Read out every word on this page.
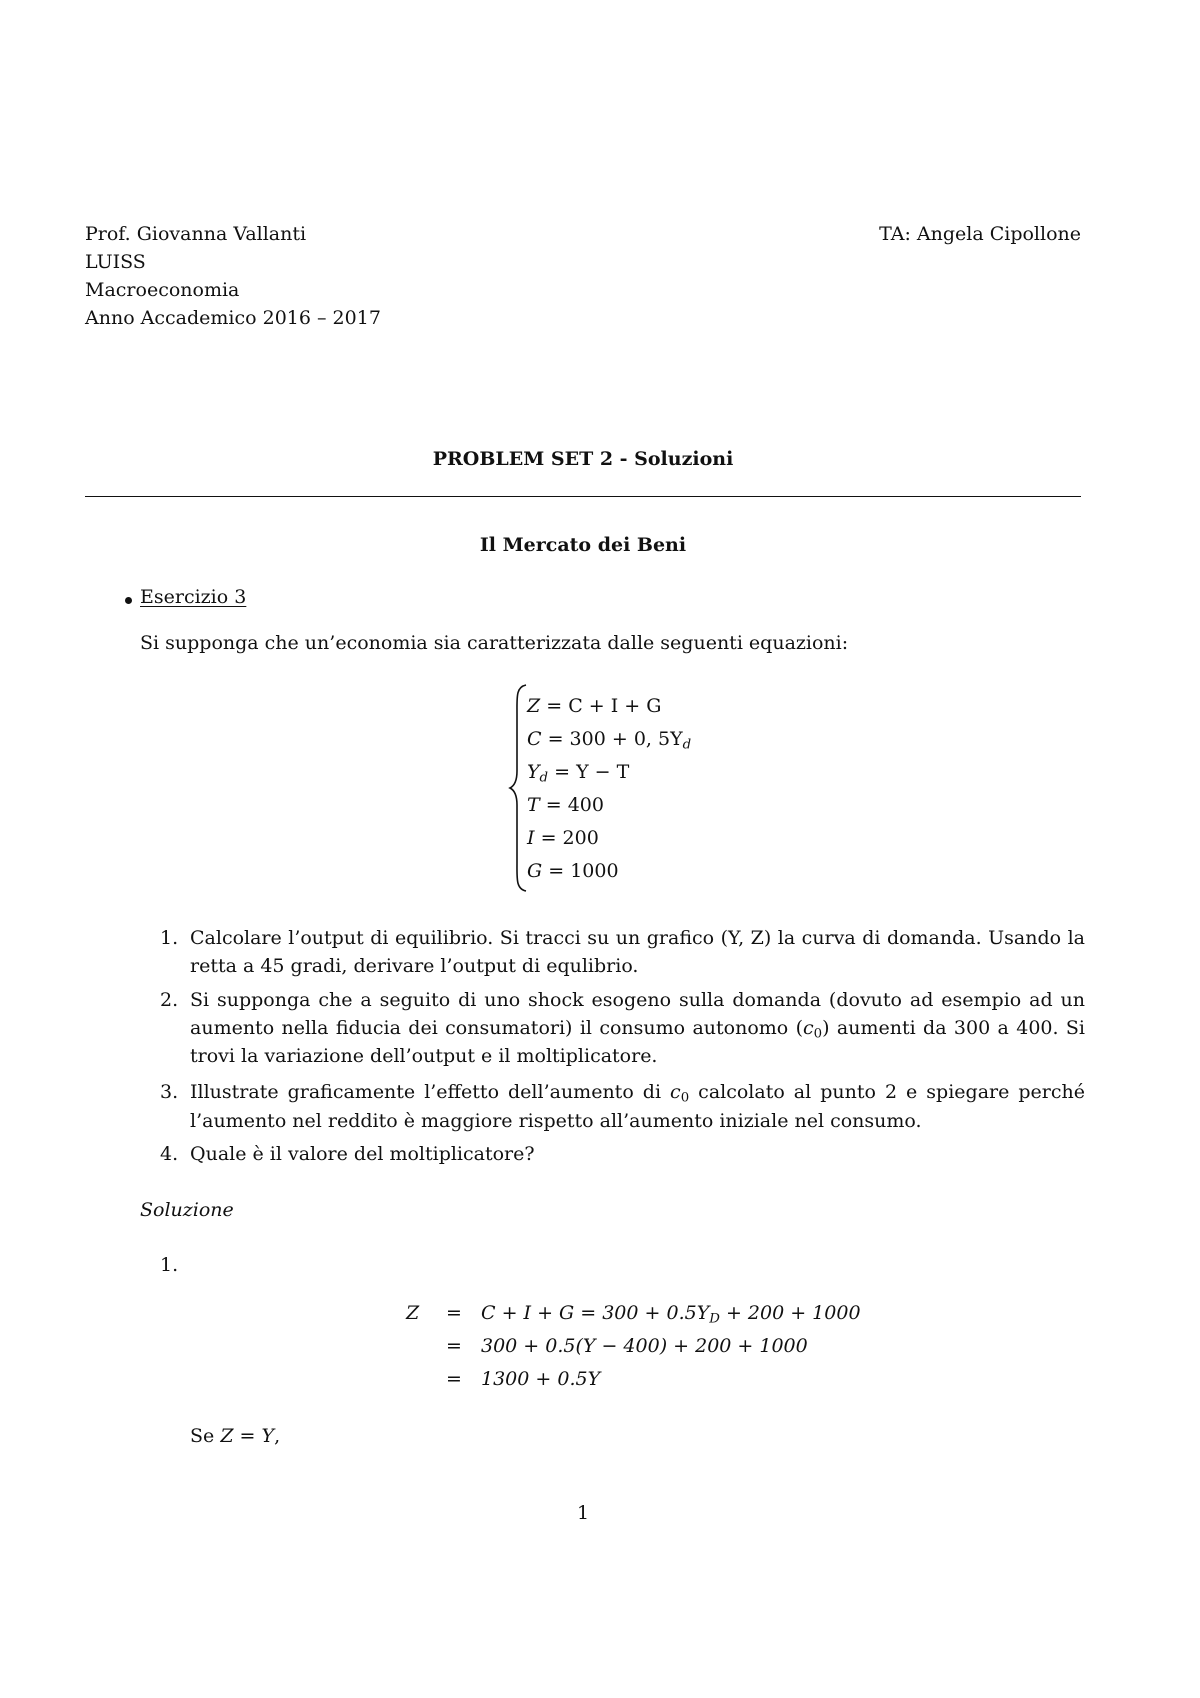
Prof. Giovanna Vallanti
LUISS
Macroeconomia
Anno Accademico 2016 – 2017
TA: Angela Cipollone
PROBLEM SET 2 - Soluzioni
Il Mercato dei Beni
Esercizio 3
Si supponga che un’economia sia caratterizzata dalle seguenti equazioni:
Z = C + I + G
C = 300 + 0, $5Y_d$
$Y_d = Y - T$
T = 400
I = 200
G = 1000
1. Calcolare l’output di equilibrio. Si tracci su un grafico (Y, Z) la curva di domanda. Usando la retta a 45 gradi, derivare l’output di equlibrio.
2. Si supponga che a seguito di uno shock esogeno sulla domanda (dovuto ad esempio ad un aumento nella fiducia dei consumatori) il consumo autonomo $(c_0)$ aumenti da 300 a 400. Si trovi la variazione dell’output e il moltiplicatore.
3. Illustrate graficamente l’effetto dell’aumento di $c_0$ calcolato al punto 2 e spiegare perché l’aumento nel reddito è maggiore rispetto all’aumento iniziale nel consumo.
4. Quale è il valore del moltiplicatore?
Soluzione
1.
$Z = C + I + G = 300 + 0.5Y_D + 200 + 1000$
= 300 + 0.5(Y − 400) + 200 + 1000
= 1300 + 0.5Y
Se Z = Y,
1
